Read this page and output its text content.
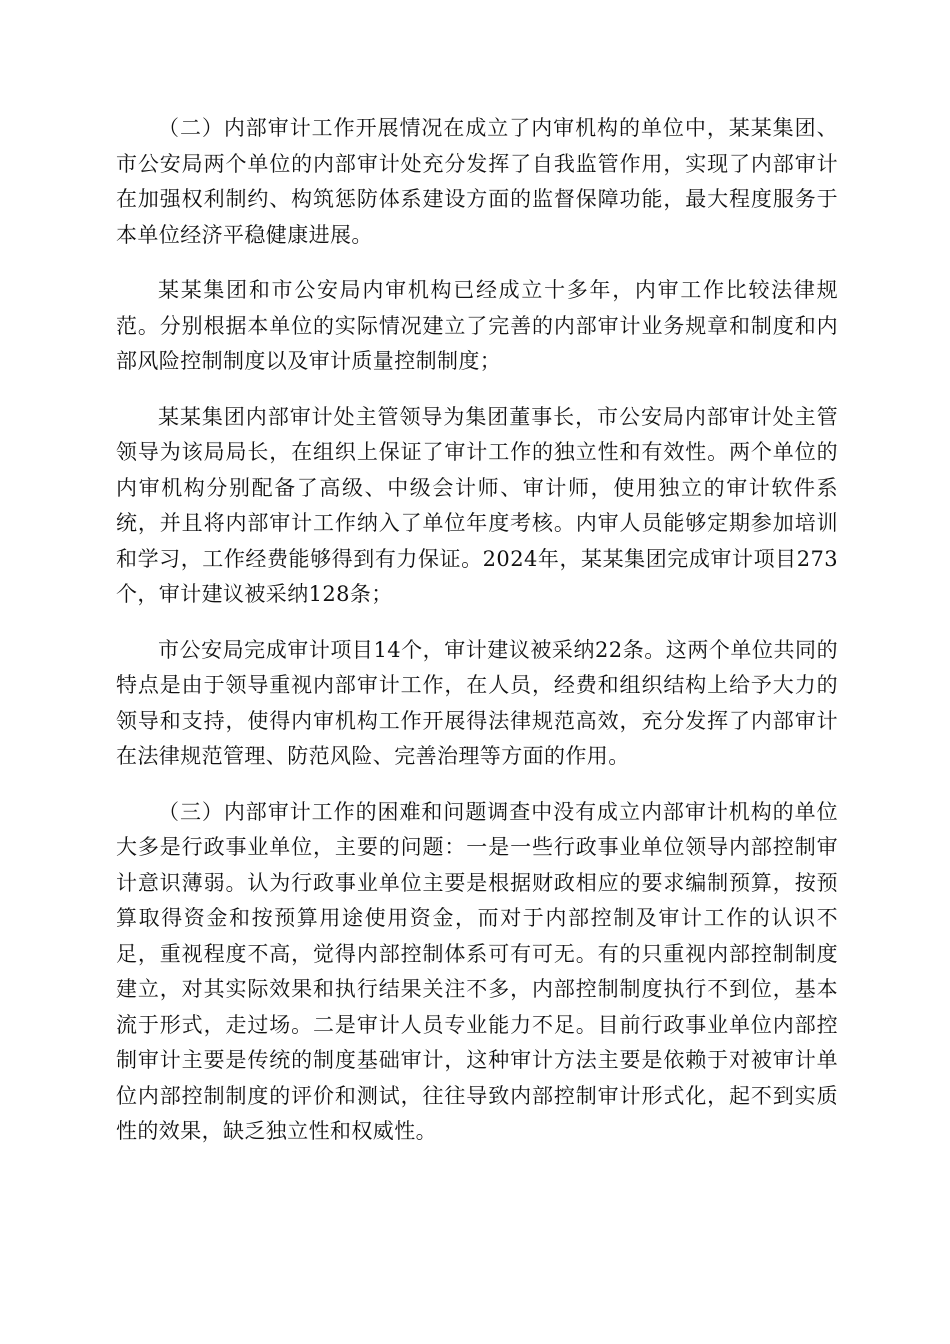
（二）内部审计工作开展情况在成立了内审机构的单位中，某某集团、市公安局两个单位的内部审计处充分发挥了自我监管作用，实现了内部审计在加强权利制约、构筑惩防体系建设方面的监督保障功能，最大程度服务于本单位经济平稳健康进展。

某某集团和市公安局内审机构已经成立十多年，内审工作比较法律规范。分别根据本单位的实际情况建立了完善的内部审计业务规章和制度和内部风险控制制度以及审计质量控制制度；

某某集团内部审计处主管领导为集团董事长，市公安局内部审计处主管领导为该局局长，在组织上保证了审计工作的独立性和有效性。两个单位的内审机构分别配备了高级、中级会计师、审计师，使用独立的审计软件系统，并且将内部审计工作纳入了单位年度考核。内审人员能够定期参加培训和学习，工作经费能够得到有力保证。2024年，某某集团完成审计项目273个，审计建议被采纳128条；

市公安局完成审计项目14个，审计建议被采纳22条。这两个单位共同的特点是由于领导重视内部审计工作，在人员，经费和组织结构上给予大力的领导和支持，使得内审机构工作开展得法律规范高效，充分发挥了内部审计在法律规范管理、防范风险、完善治理等方面的作用。

（三）内部审计工作的困难和问题调查中没有成立内部审计机构的单位大多是行政事业单位，主要的问题：一是一些行政事业单位领导内部控制审计意识薄弱。认为行政事业单位主要是根据财政相应的要求编制预算，按预算取得资金和按预算用途使用资金，而对于内部控制及审计工作的认识不足，重视程度不高，觉得内部控制体系可有可无。有的只重视内部控制制度建立，对其实际效果和执行结果关注不多，内部控制制度执行不到位，基本流于形式，走过场。二是审计人员专业能力不足。目前行政事业单位内部控制审计主要是传统的制度基础审计，这种审计方法主要是依赖于对被审计单位内部控制制度的评价和测试，往往导致内部控制审计形式化，起不到实质性的效果，缺乏独立性和权威性。
